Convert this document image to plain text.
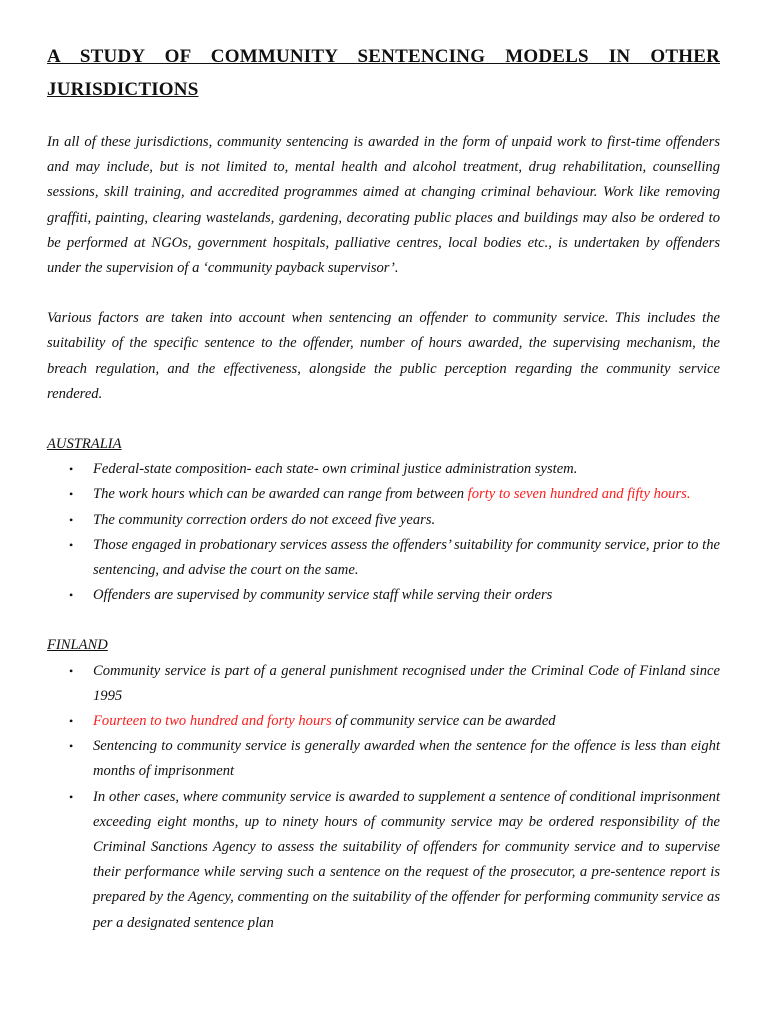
A STUDY OF COMMUNITY SENTENCING MODELS IN OTHER
JURISDICTIONS

In all of these jurisdictions, community sentencing is awarded in the form of unpaid work to first-time offenders and may include, but is not limited to, mental health and alcohol treatment, drug rehabilitation, counselling sessions, skill training, and accredited programmes aimed at changing criminal behaviour. Work like removing graffiti, painting, clearing wastelands, gardening, decorating public places and buildings may also be ordered to be performed at NGOs, government hospitals, palliative centres, local bodies etc., is undertaken by offenders under the supervision of a ‘community payback supervisor’.

Various factors are taken into account when sentencing an offender to community service. This includes the suitability of the specific sentence to the offender, number of hours awarded, the supervising mechanism, the breach regulation, and the effectiveness, alongside the public perception regarding the community service rendered.

AUSTRALIA
• Federal-state composition- each state- own criminal justice administration system.
• The work hours which can be awarded can range from between forty to seven hundred and fifty hours.
• The community correction orders do not exceed five years.
• Those engaged in probationary services assess the offenders’ suitability for community service, prior to the sentencing, and advise the court on the same.
• Offenders are supervised by community service staff while serving their orders
FINLAND
• Community service is part of a general punishment recognised under the Criminal Code of Finland since 1995
• Fourteen to two hundred and forty hours of community service can be awarded
• Sentencing to community service is generally awarded when the sentence for the offence is less than eight months of imprisonment
• In other cases, where community service is awarded to supplement a sentence of conditional imprisonment exceeding eight months, up to ninety hours of community service may be ordered responsibility of the Criminal Sanctions Agency to assess the suitability of offenders for community service and to supervise their performance while serving such a sentence on the request of the prosecutor, a pre-sentence report is prepared by the Agency, commenting on the suitability of the offender for performing community service as per a designated sentence plan
